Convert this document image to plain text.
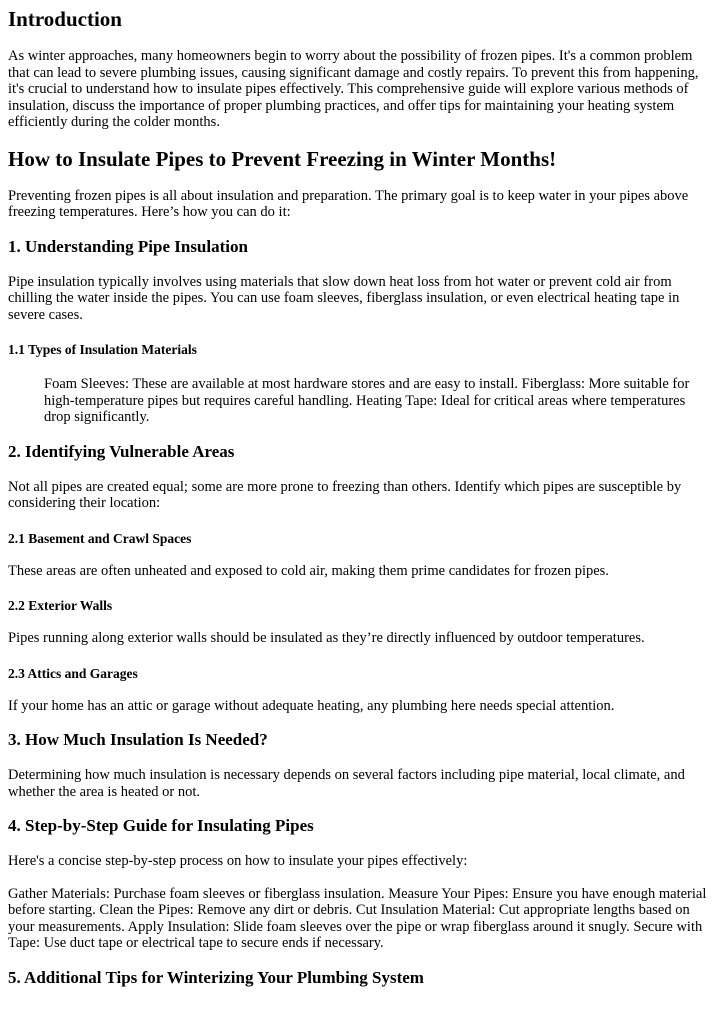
Introduction

As winter approaches, many homeowners begin to worry about the possibility of frozen pipes. It's a common problem that can lead to severe plumbing issues, causing significant damage and costly repairs. To prevent this from happening, it's crucial to understand how to insulate pipes effectively. This comprehensive guide will explore various methods of insulation, discuss the importance of proper plumbing practices, and offer tips for maintaining your heating system efficiently during the colder months.

How to Insulate Pipes to Prevent Freezing in Winter Months!

Preventing frozen pipes is all about insulation and preparation. The primary goal is to keep water in your pipes above freezing temperatures. Here’s how you can do it:

1. Understanding Pipe Insulation

Pipe insulation typically involves using materials that slow down heat loss from hot water or prevent cold air from chilling the water inside the pipes. You can use foam sleeves, fiberglass insulation, or even electrical heating tape in severe cases.

1.1 Types of Insulation Materials
Foam Sleeves: These are available at most hardware stores and are easy to install. Fiberglass: More suitable for high-temperature pipes but requires careful handling. Heating Tape: Ideal for critical areas where temperatures drop significantly.
2. Identifying Vulnerable Areas

Not all pipes are created equal; some are more prone to freezing than others. Identify which pipes are susceptible by considering their location:

2.1 Basement and Crawl Spaces

These areas are often unheated and exposed to cold air, making them prime candidates for frozen pipes.

2.2 Exterior Walls

Pipes running along exterior walls should be insulated as they’re directly influenced by outdoor temperatures.

2.3 Attics and Garages

If your home has an attic or garage without adequate heating, any plumbing here needs special attention.

3. How Much Insulation Is Needed?

Determining how much insulation is necessary depends on several factors including pipe material, local climate, and whether the area is heated or not.

4. Step-by-Step Guide for Insulating Pipes

Here's a concise step-by-step process on how to insulate your pipes effectively:

Gather Materials: Purchase foam sleeves or fiberglass insulation. Measure Your Pipes: Ensure you have enough material before starting. Clean the Pipes: Remove any dirt or debris. Cut Insulation Material: Cut appropriate lengths based on your measurements. Apply Insulation: Slide foam sleeves over the pipe or wrap fiberglass around it snugly. Secure with Tape: Use duct tape or electrical tape to secure ends if necessary.

5. Additional Tips for Winterizing Your Plumbing System
